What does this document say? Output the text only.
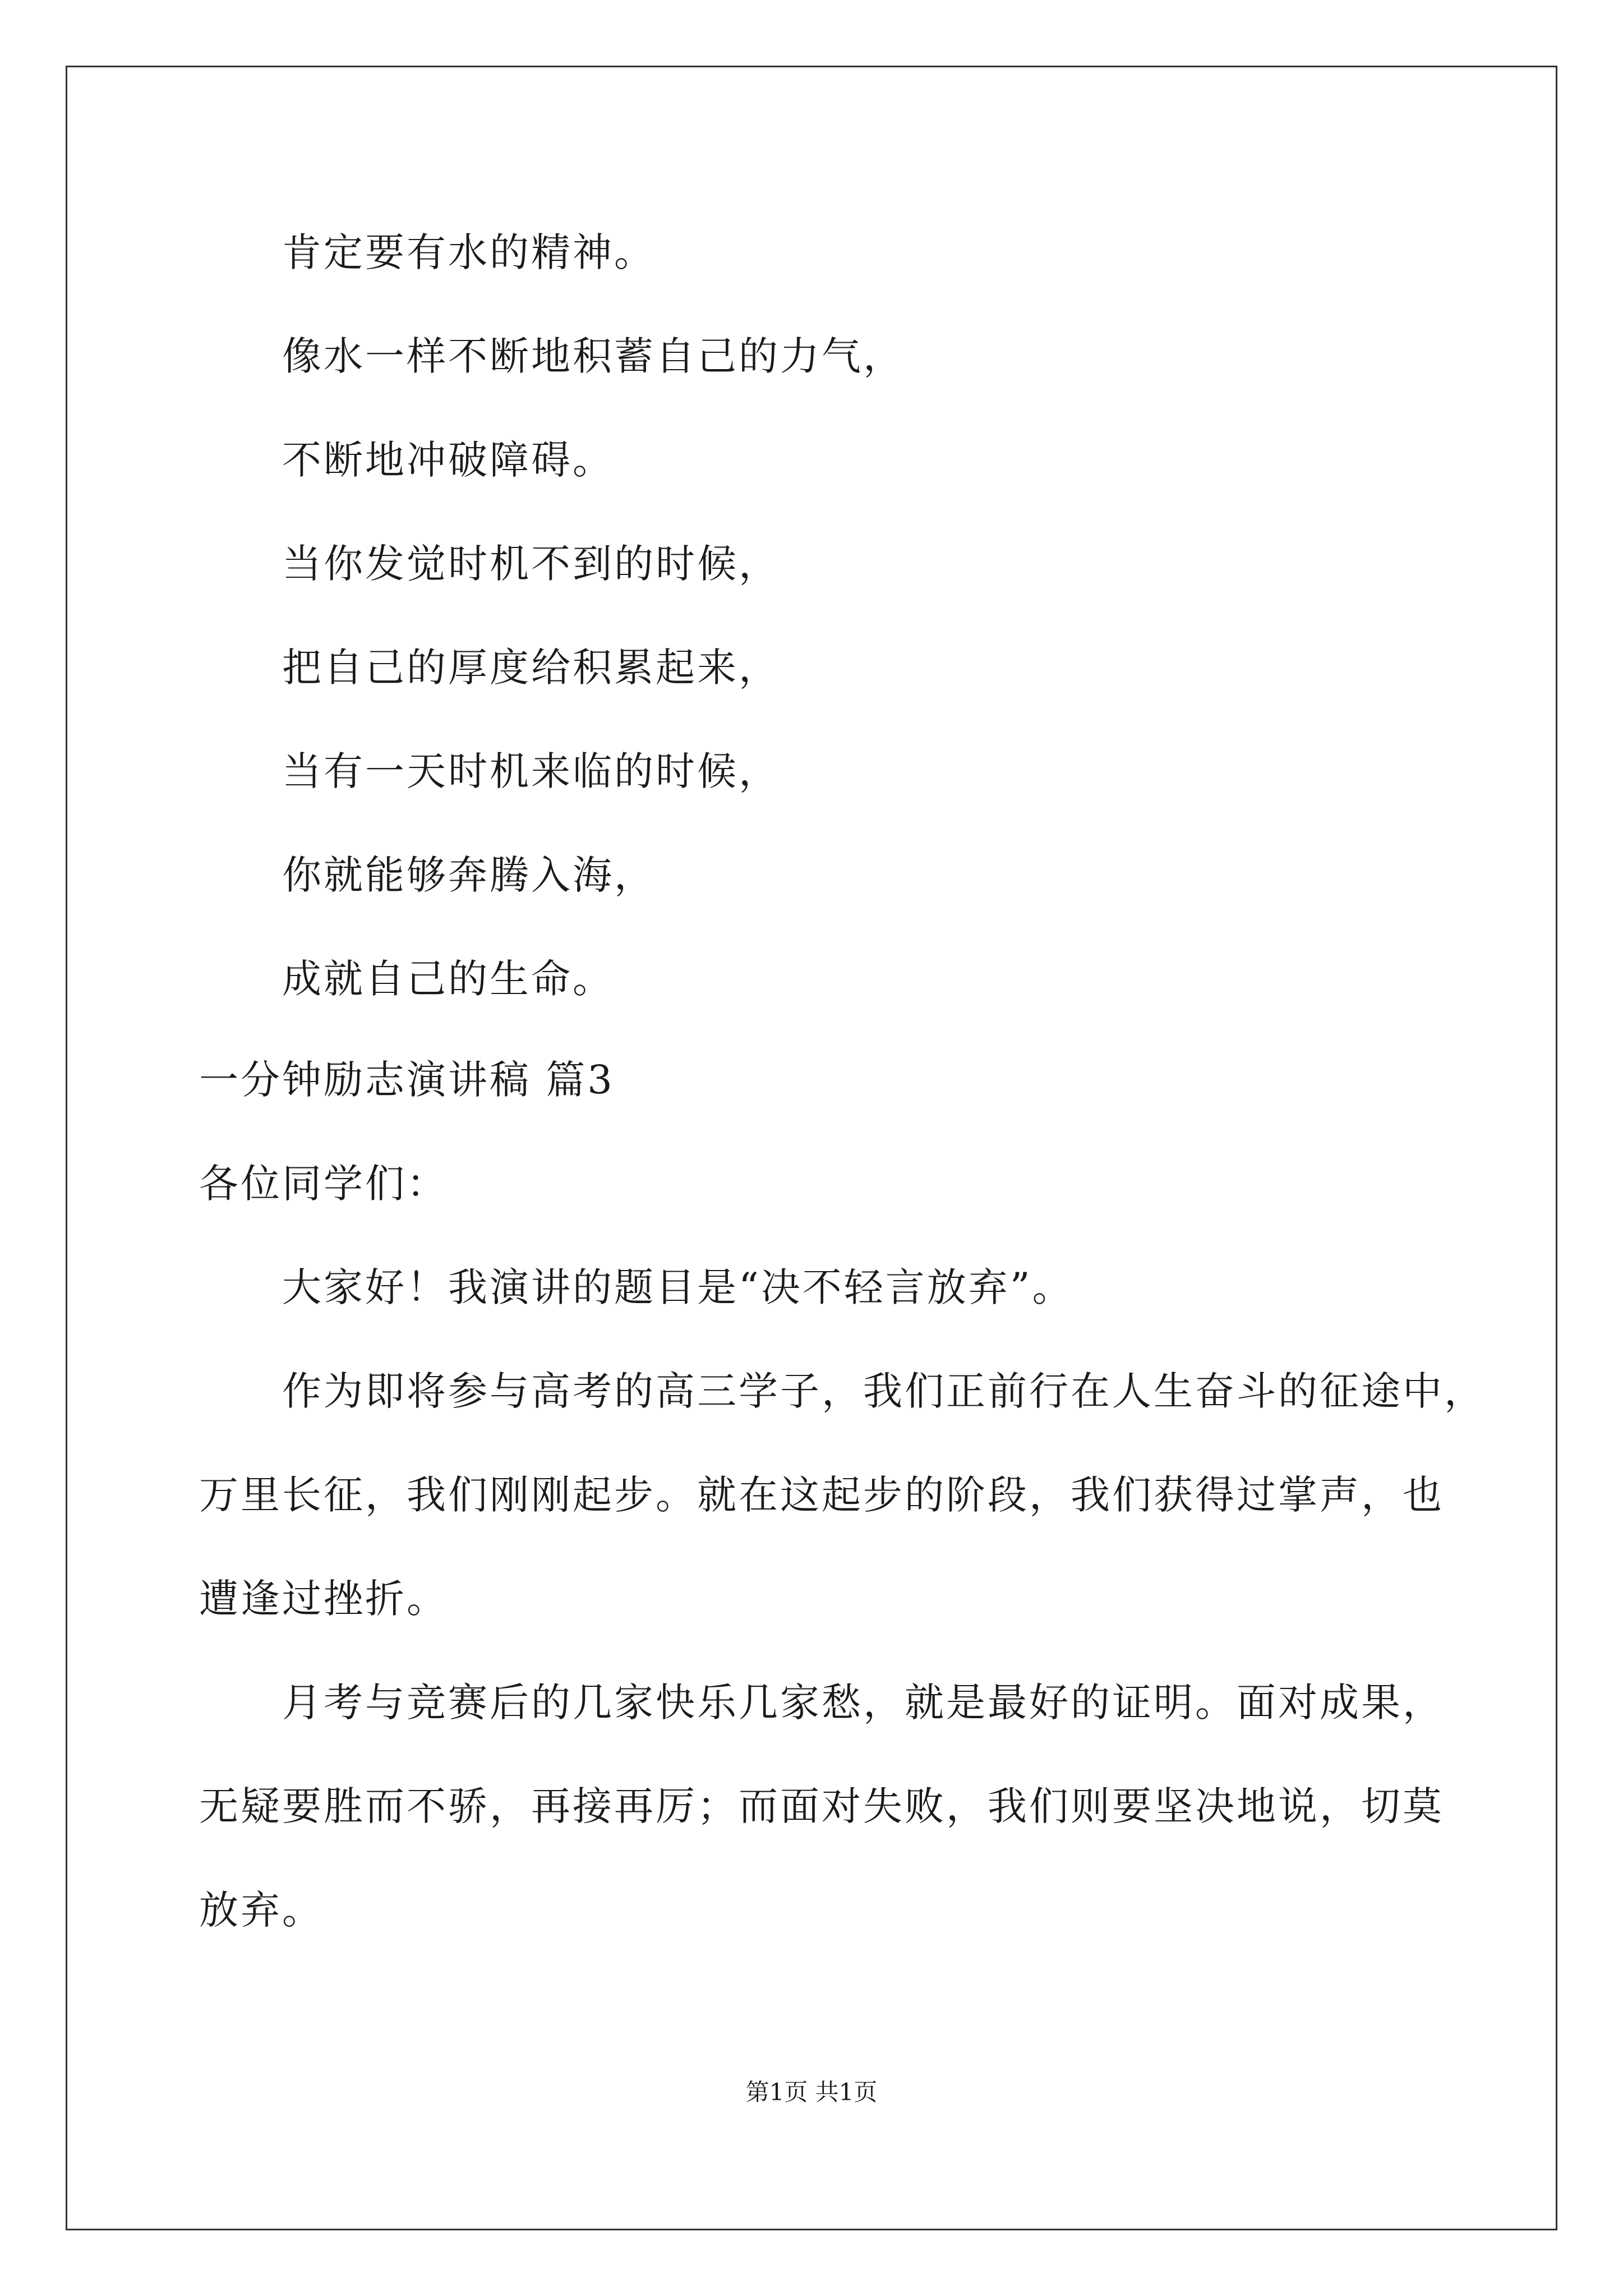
肯定要有水的精神。
像水一样不断地积蓄自己的力气，
不断地冲破障碍。
当你发觉时机不到的时候，
把自己的厚度给积累起来，
当有一天时机来临的时候，
你就能够奔腾入海，
成就自己的生命。
一分钟励志演讲稿 篇3
各位同学们：
大家好！我演讲的题目是“决不轻言放弃”。
作为即将参与高考的高三学子，我们正前行在人生奋斗的征途中，
万里长征，我们刚刚起步。就在这起步的阶段，我们获得过掌声，也
遭逢过挫折。
月考与竞赛后的几家快乐几家愁，就是最好的证明。面对成果，
无疑要胜而不骄，再接再厉；而面对失败，我们则要坚决地说，切莫
放弃。
第1页 共1页
